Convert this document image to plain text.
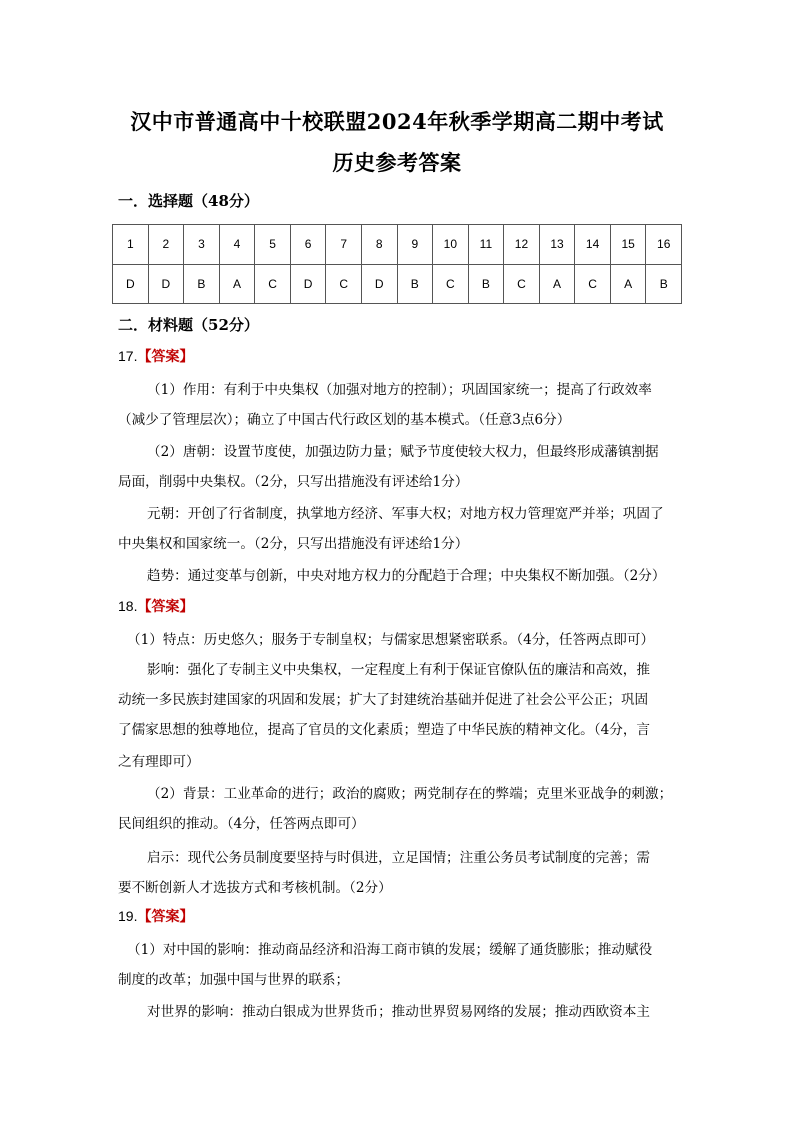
汉中市普通高中十校联盟2024年秋季学期高二期中考试
历史参考答案
一．选择题（48分）
1	2	3	4	5	6	7	8	9	10	11	12	13	14	15	16
D	D	B	A	C	D	C	D	B	C	B	C	A	C	A	B
二．材料题（52分）
17.【答案】
（1）作用：有利于中央集权（加强对地方的控制）；巩固国家统一；提高了行政效率
（减少了管理层次）；确立了中国古代行政区划的基本模式。（任意3点6分）
（2）唐朝：设置节度使，加强边防力量；赋予节度使较大权力，但最终形成藩镇割据
局面，削弱中央集权。（2分，只写出措施没有评述给1分）
元朝：开创了行省制度，执掌地方经济、军事大权；对地方权力管理宽严并举；巩固了
中央集权和国家统一。（2分，只写出措施没有评述给1分）
趋势：通过变革与创新，中央对地方权力的分配趋于合理；中央集权不断加强。（2分）
18.【答案】
（1）特点：历史悠久；服务于专制皇权；与儒家思想紧密联系。（4分，任答两点即可）
影响：强化了专制主义中央集权，一定程度上有利于保证官僚队伍的廉洁和高效，推
动统一多民族封建国家的巩固和发展；扩大了封建统治基础并促进了社会公平公正；巩固
了儒家思想的独尊地位，提高了官员的文化素质；塑造了中华民族的精神文化。（4分，言
之有理即可）
（2）背景：工业革命的进行；政治的腐败；两党制存在的弊端；克里米亚战争的刺激；
民间组织的推动。（4分，任答两点即可）
启示：现代公务员制度要坚持与时俱进，立足国情；注重公务员考试制度的完善；需
要不断创新人才选拔方式和考核机制。（2分）
19.【答案】
（1）对中国的影响：推动商品经济和沿海工商市镇的发展；缓解了通货膨胀；推动赋役
制度的改革；加强中国与世界的联系；
对世界的影响：推动白银成为世界货币；推动世界贸易网络的发展；推动西欧资本主
